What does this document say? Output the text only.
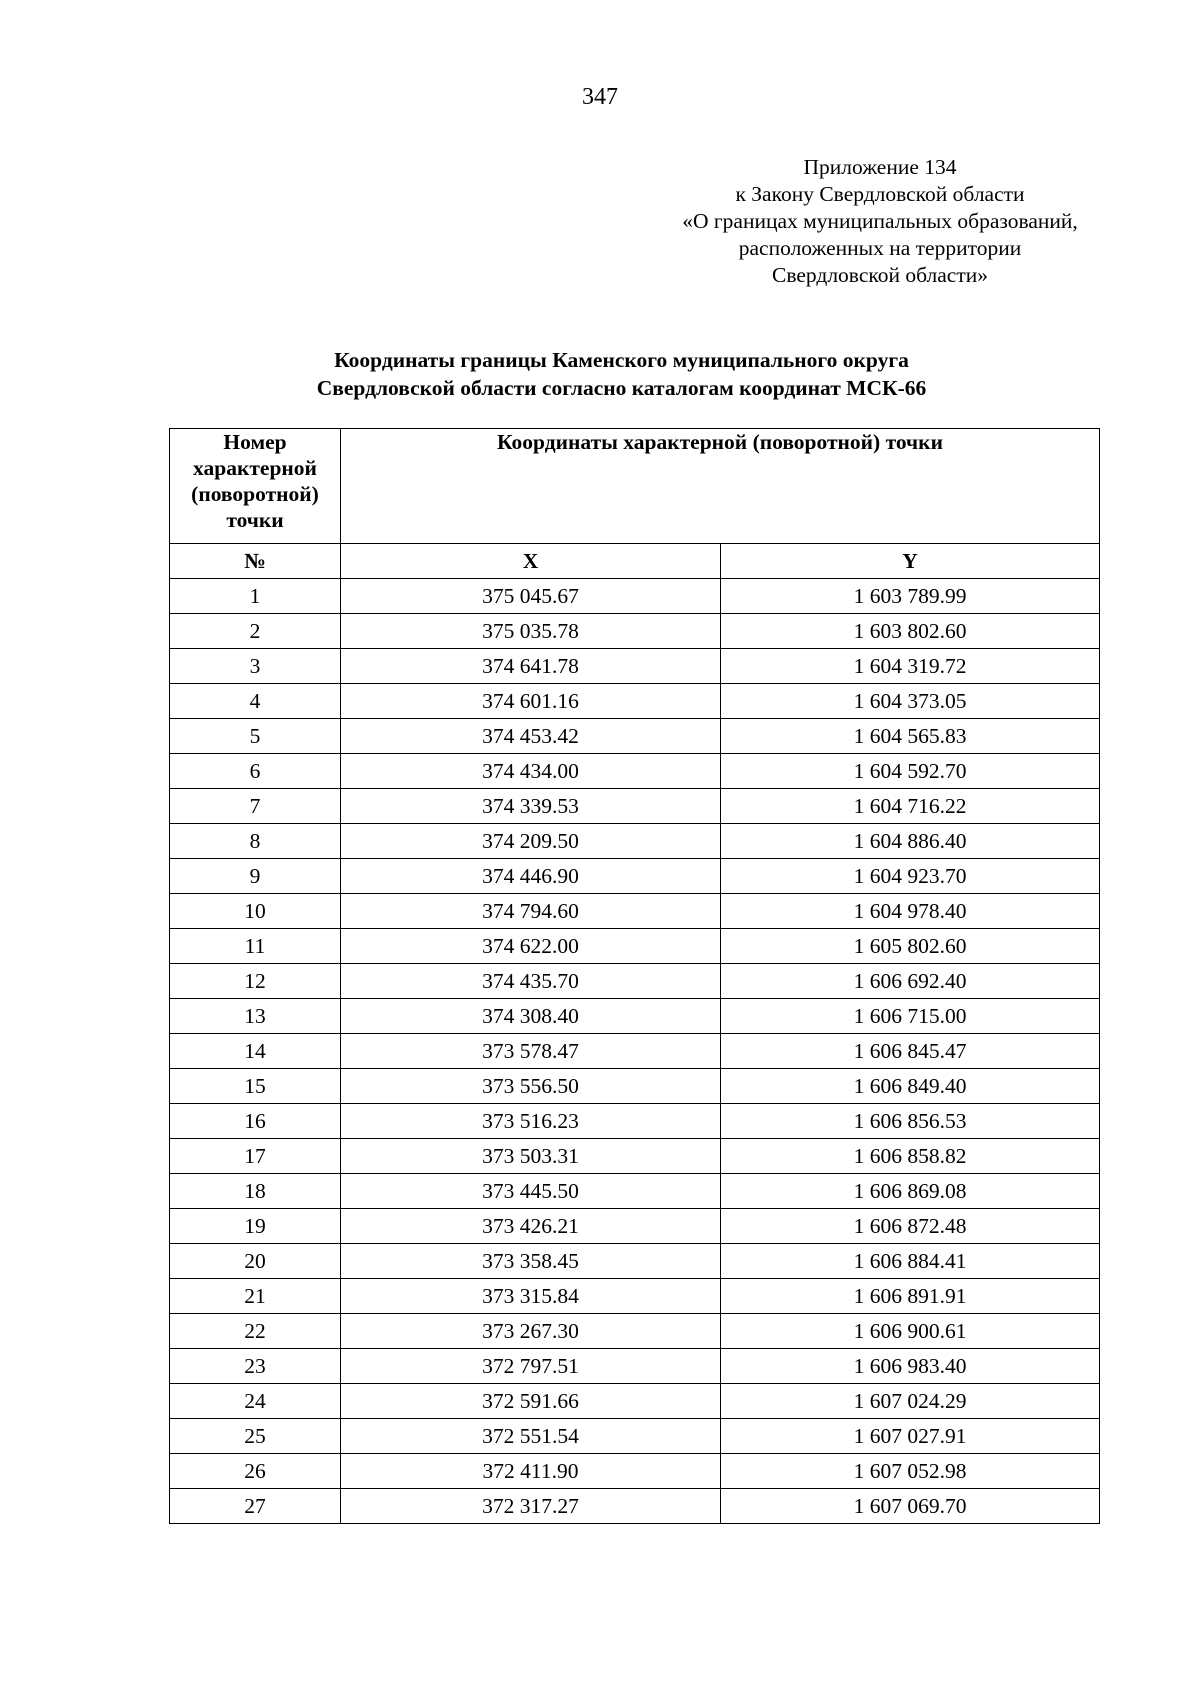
347
Приложение 134
к Закону Свердловской области
«О границах муниципальных образований,
расположенных на территории
Свердловской области»
Координаты границы Каменского муниципального округа
Свердловской области согласно каталогам координат МСК-66
Номер характерной (поворотной) точки	Координаты характерной (поворотной) точки	
№	X	Y
1	375 045.67	1 603 789.99
2	375 035.78	1 603 802.60
3	374 641.78	1 604 319.72
4	374 601.16	1 604 373.05
5	374 453.42	1 604 565.83
6	374 434.00	1 604 592.70
7	374 339.53	1 604 716.22
8	374 209.50	1 604 886.40
9	374 446.90	1 604 923.70
10	374 794.60	1 604 978.40
11	374 622.00	1 605 802.60
12	374 435.70	1 606 692.40
13	374 308.40	1 606 715.00
14	373 578.47	1 606 845.47
15	373 556.50	1 606 849.40
16	373 516.23	1 606 856.53
17	373 503.31	1 606 858.82
18	373 445.50	1 606 869.08
19	373 426.21	1 606 872.48
20	373 358.45	1 606 884.41
21	373 315.84	1 606 891.91
22	373 267.30	1 606 900.61
23	372 797.51	1 606 983.40
24	372 591.66	1 607 024.29
25	372 551.54	1 607 027.91
26	372 411.90	1 607 052.98
27	372 317.27	1 607 069.70
